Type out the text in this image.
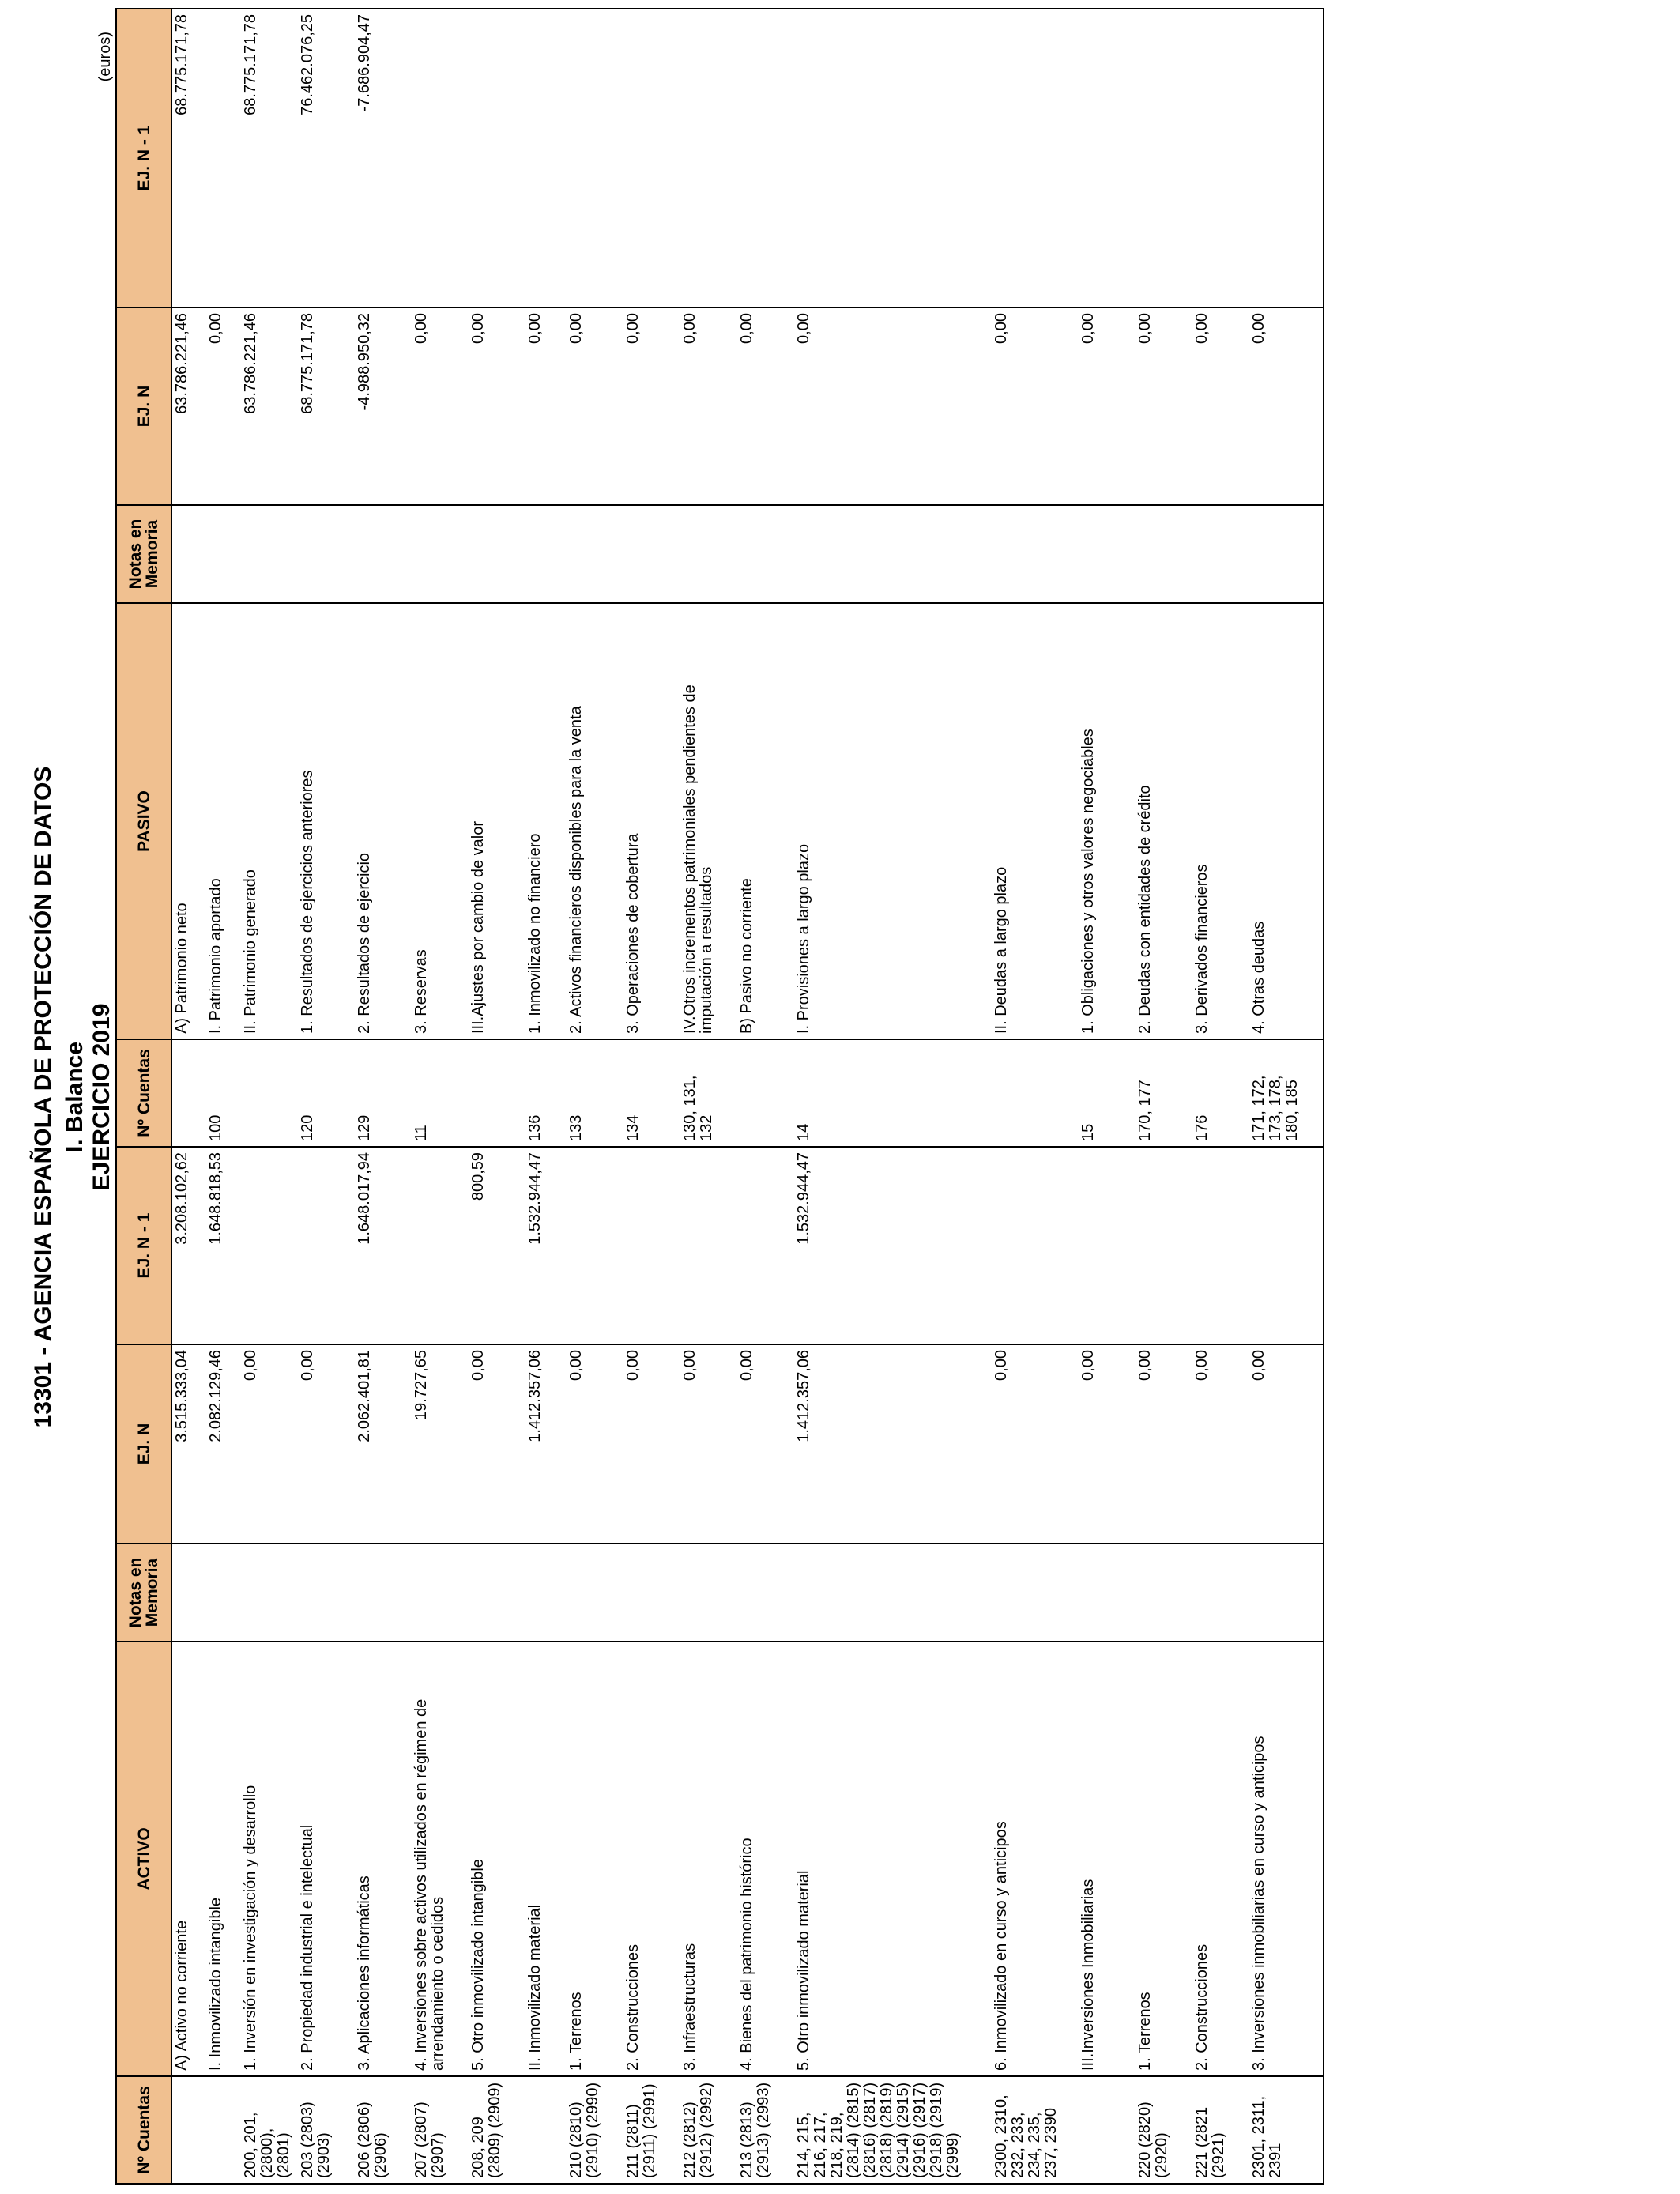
13301 - AGENCIA ESPAÑOLA DE PROTECCIÓN DE DATOS I. Balance EJERCICIO 2019
(euros)
Nº Cuentas	ACTIVO	Notas en Memoria	EJ. N	EJ. N - 1	Nº Cuentas	PASIVO	Notas en Memoria	EJ. N	EJ. N - 1
	A) Activo no corriente		3.515.333,04	3.208.102,62		A) Patrimonio neto		63.786.221,46	68.775.171,78
	I. Inmovilizado intangible		2.082.129,46	1.648.818,53	100	I. Patrimonio aportado		0,00	
200, 201, (2800), (2801)	1. Inversión en investigación y desarrollo		0,00			II. Patrimonio generado		63.786.221,46	68.775.171,78
203 (2803) (2903)	2. Propiedad industrial e intelectual		0,00		120	1. Resultados de ejercicios anteriores		68.775.171,78	76.462.076,25
206 (2806) (2906)	3. Aplicaciones informáticas		2.062.401,81	1.648.017,94	129	2. Resultados de ejercicio		-4.988.950,32	-7.686.904,47
207 (2807) (2907)	4. Inversiones sobre activos utilizados en régimen de arrendamiento o cedidos		19.727,65		11	3. Reservas		0,00	
208, 209 (2809) (2909)	5. Otro inmovilizado intangible		0,00	800,59		III.Ajustes por cambio de valor		0,00	
	II. Inmovilizado material		1.412.357,06	1.532.944,47	136	1. Inmovilizado no financiero		0,00	
210 (2810) (2910) (2990)	1. Terrenos		0,00		133	2. Activos financieros disponibles para la venta		0,00	
211 (2811) (2911) (2991)	2. Construcciones		0,00		134	3. Operaciones de cobertura		0,00	
212 (2812) (2912) (2992)	3. Infraestructuras		0,00		130, 131, 132	IV.Otros incrementos patrimoniales pendientes de imputación a resultados		0,00	
213 (2813) (2913) (2993)	4. Bienes del patrimonio histórico		0,00			B) Pasivo no corriente		0,00	
214, 215, 216, 217, 218, 219, (2814) (2815) (2816) (2817) (2818) (2819) (2914) (2915) (2916) (2917) (2918) (2919) (2999)	5. Otro inmovilizado material		1.412.357,06	1.532.944,47	14	I. Provisiones a largo plazo		0,00	
2300, 2310, 232, 233, 234, 235, 237, 2390	6. Inmovilizado en curso y anticipos		0,00			II. Deudas a largo plazo		0,00	
	III.Inversiones Inmobiliarias		0,00		15	1. Obligaciones y otros valores negociables		0,00	
220 (2820) (2920)	1. Terrenos		0,00		170, 177	2. Deudas con entidades de crédito		0,00	
221 (2821 (2921)	2. Construcciones		0,00		176	3. Derivados financieros		0,00	
2301, 2311, 2391	3. Inversiones inmobiliarias en curso y anticipos		0,00		171, 172, 173, 178, 180, 185	4. Otras deudas		0,00	
